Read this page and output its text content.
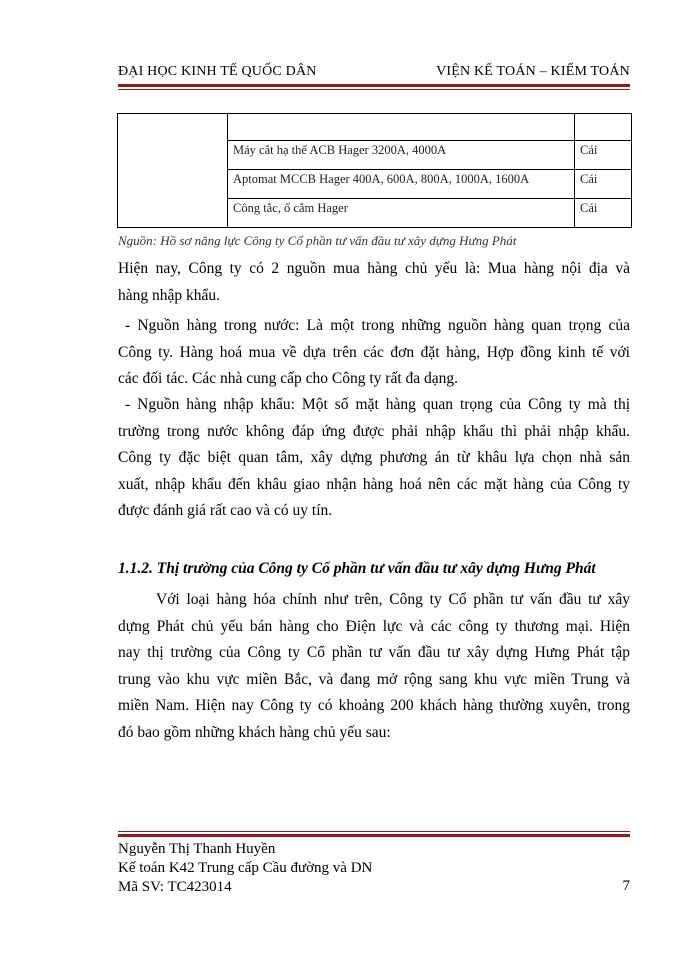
ĐẠI HỌC KINH TẾ QUỐC DÂN	VIỆN KẾ TOÁN – KIỂM TOÁN

	Máy cắt hạ thế ACB Hager 3200A, 4000A	Cái
	Aptomat MCCB Hager 400A, 600A, 800A, 1000A, 1600A	Cái
	Công tắc, ổ cắm Hager	Cái
Nguồn: Hồ sơ năng lực Công ty Cổ phần tư vấn đầu tư xây dựng Hưng Phát
Hiện nay, Công ty có 2 nguồn mua hàng chủ yếu là: Mua hàng nội địa và
hàng nhập khẩu.
- Nguồn hàng trong nước: Là một trong những nguồn hàng quan trọng của
Công ty. Hàng hoá mua về dựa trên các đơn đặt hàng, Hợp đồng kinh tế với
các đối tác. Các nhà cung cấp cho Công ty rất đa dạng.
- Nguồn hàng nhập khẩu: Một số mặt hàng quan trọng của Công ty mà thị
trường trong nước không đáp ứng được phải nhập khẩu thì phải nhập khẩu.
Công ty đặc biệt quan tâm, xây dựng phương án từ khâu lựa chọn nhà sản
xuất, nhập khẩu đến khâu giao nhận hàng hoá nên các mặt hàng của Công ty
được đánh giá rất cao và có uy tín.
1.1.2. Thị trường của Công ty Cổ phần tư vấn đầu tư xây dựng Hưng Phát
Với loại hàng hóa chính như trên, Công ty Cổ phần tư vấn đầu tư xây
dựng Phát chủ yếu bán hàng cho Điện lực và các công ty thương mại. Hiện
nay thị trường của Công ty Cổ phần tư vấn đầu tư xây dựng Hưng Phát tập
trung vào khu vực miền Bắc, và đang mở rộng sang khu vực miền Trung và
miền Nam. Hiện nay Công ty có khoảng 200 khách hàng thường xuyên, trong
đó bao gồm những khách hàng chủ yếu sau:
Nguyễn Thị Thanh Huyền
Kế toán K42 Trung cấp Cầu đường và DN
Mã SV: TC423014	7
